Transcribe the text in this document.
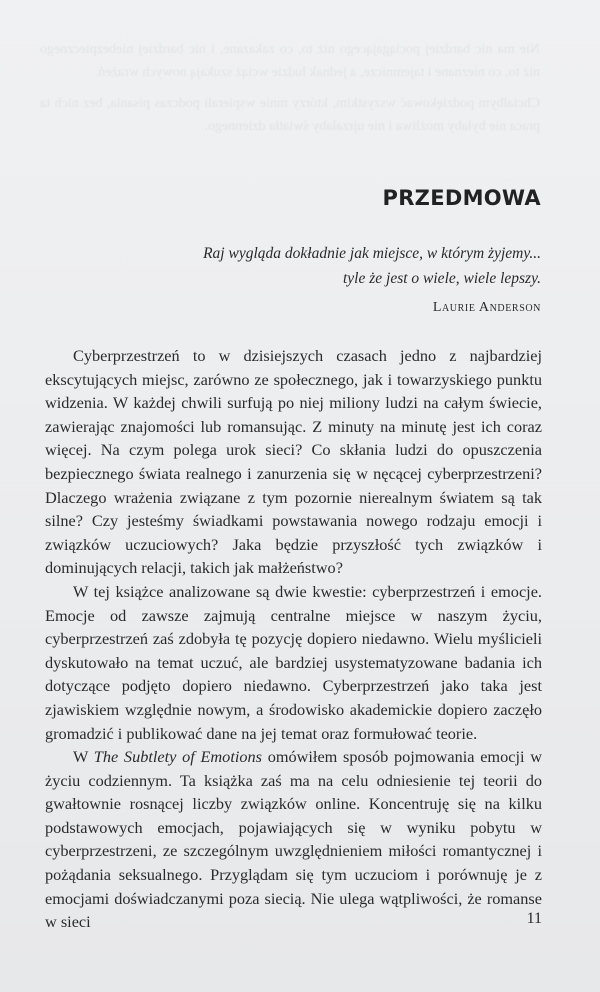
Nie ma nic bardziej pociągającego niż to, co zakazane, i nic bardziej niebezpiecznego niż to, co nieznane i tajemnicze, a jednak ludzie wciąż szukają nowych wrażeń.

Chciałbym podziękować wszystkim, którzy mnie wspierali podczas pisania, bez nich ta praca nie byłaby możliwa i nie ujrzałaby światła dziennego.

PRZEDMOWA
Raj wygląda dokładnie jak miejsce, w którym żyjemy...
tyle że jest o wiele, wiele lepszy.
Laurie Anderson

Cyberprzestrzeń to w dzisiejszych czasach jedno z najbardziej ekscytujących miejsc, zarówno ze społecznego, jak i towarzyskiego punktu widzenia. W każdej chwili surfują po niej miliony ludzi na całym świecie, zawierając znajomości lub romansując. Z minuty na minutę jest ich coraz więcej. Na czym polega urok sieci? Co skłania ludzi do opuszczenia bezpiecznego świata realnego i zanurzenia się w nęcącej cyberprzestrzeni? Dlaczego wrażenia związane z tym pozornie nierealnym światem są tak silne? Czy jesteśmy świadkami powstawania nowego rodzaju emocji i związków uczuciowych? Jaka będzie przyszłość tych związków i dominujących relacji, takich jak małżeństwo?

W tej książce analizowane są dwie kwestie: cyberprzestrzeń i emocje. Emocje od zawsze zajmują centralne miejsce w naszym życiu, cyberprzestrzeń zaś zdobyła tę pozycję dopiero niedawno. Wielu myślicieli dyskutowało na temat uczuć, ale bardziej usystematyzowane badania ich dotyczące podjęto dopiero niedawno. Cyberprzestrzeń jako taka jest zjawiskiem względnie nowym, a środowisko akademickie dopiero zaczęło gromadzić i publikować dane na jej temat oraz formułować teorie.

W The Subtlety of Emotions omówiłem sposób pojmowania emocji w życiu codziennym. Ta książka zaś ma na celu odniesienie tej teorii do gwałtownie rosnącej liczby związków online. Koncentruję się na kilku podstawowych emocjach, pojawiających się w wyniku pobytu w cyberprzestrzeni, ze szczególnym uwzględnieniem miłości romantycznej i pożądania seksualnego. Przyglądam się tym uczuciom i porównuję je z emocjami doświadczanymi poza siecią. Nie ulega wątpliwości, że romanse w sieci	11
